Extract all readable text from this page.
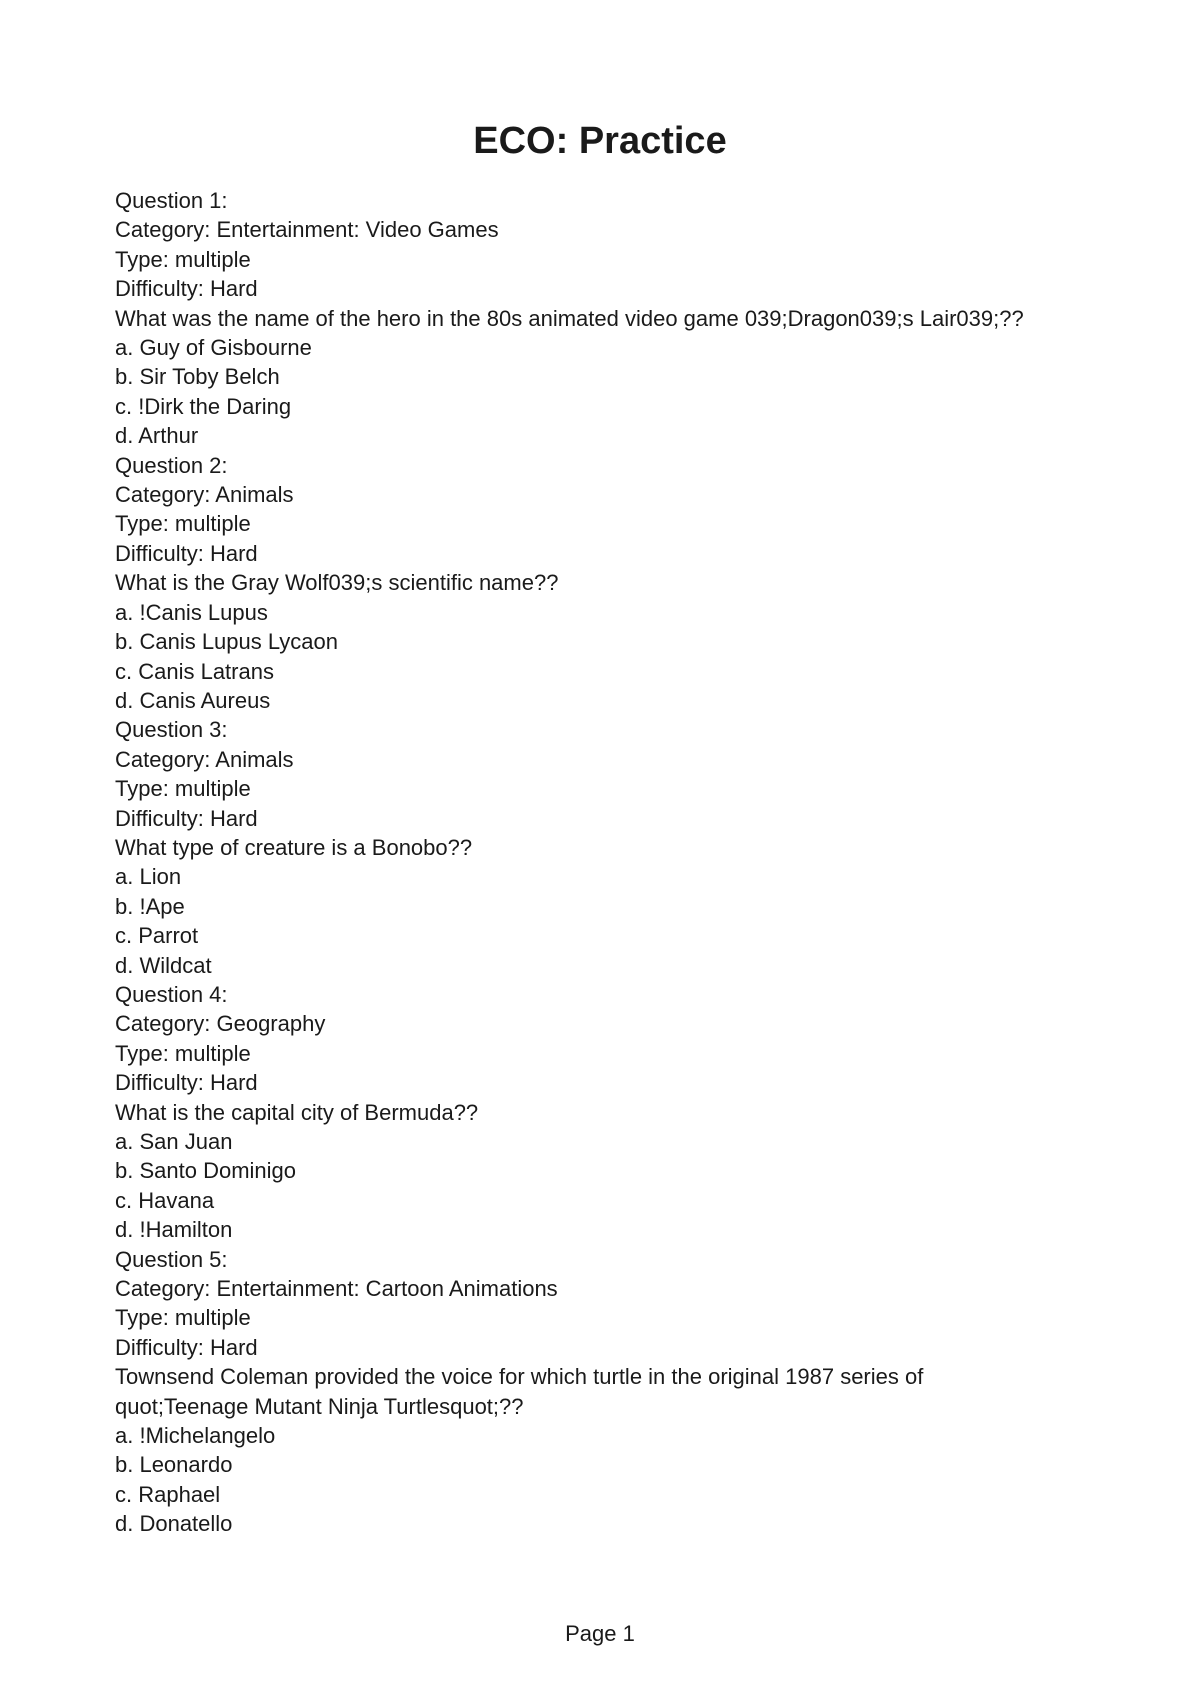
ECO: Practice
Question 1:
Category: Entertainment: Video Games
Type: multiple
Difficulty: Hard
What was the name of the hero in the 80s animated video game 039;Dragon039;s Lair039;??
a. Guy of Gisbourne
b. Sir Toby Belch
c. !Dirk the Daring
d. Arthur
Question 2:
Category: Animals
Type: multiple
Difficulty: Hard
What is the Gray Wolf039;s scientific name??
a. !Canis Lupus
b. Canis Lupus Lycaon
c. Canis Latrans
d. Canis Aureus
Question 3:
Category: Animals
Type: multiple
Difficulty: Hard
What type of creature is a Bonobo??
a. Lion
b. !Ape
c. Parrot
d. Wildcat
Question 4:
Category: Geography
Type: multiple
Difficulty: Hard
What is the capital city of Bermuda??
a. San Juan
b. Santo Dominigo
c. Havana
d. !Hamilton
Question 5:
Category: Entertainment: Cartoon Animations
Type: multiple
Difficulty: Hard
Townsend Coleman provided the voice for which turtle in the original 1987 series of quot;Teenage Mutant Ninja Turtlesquot;??
a. !Michelangelo
b. Leonardo
c. Raphael
d. Donatello
Page 1
